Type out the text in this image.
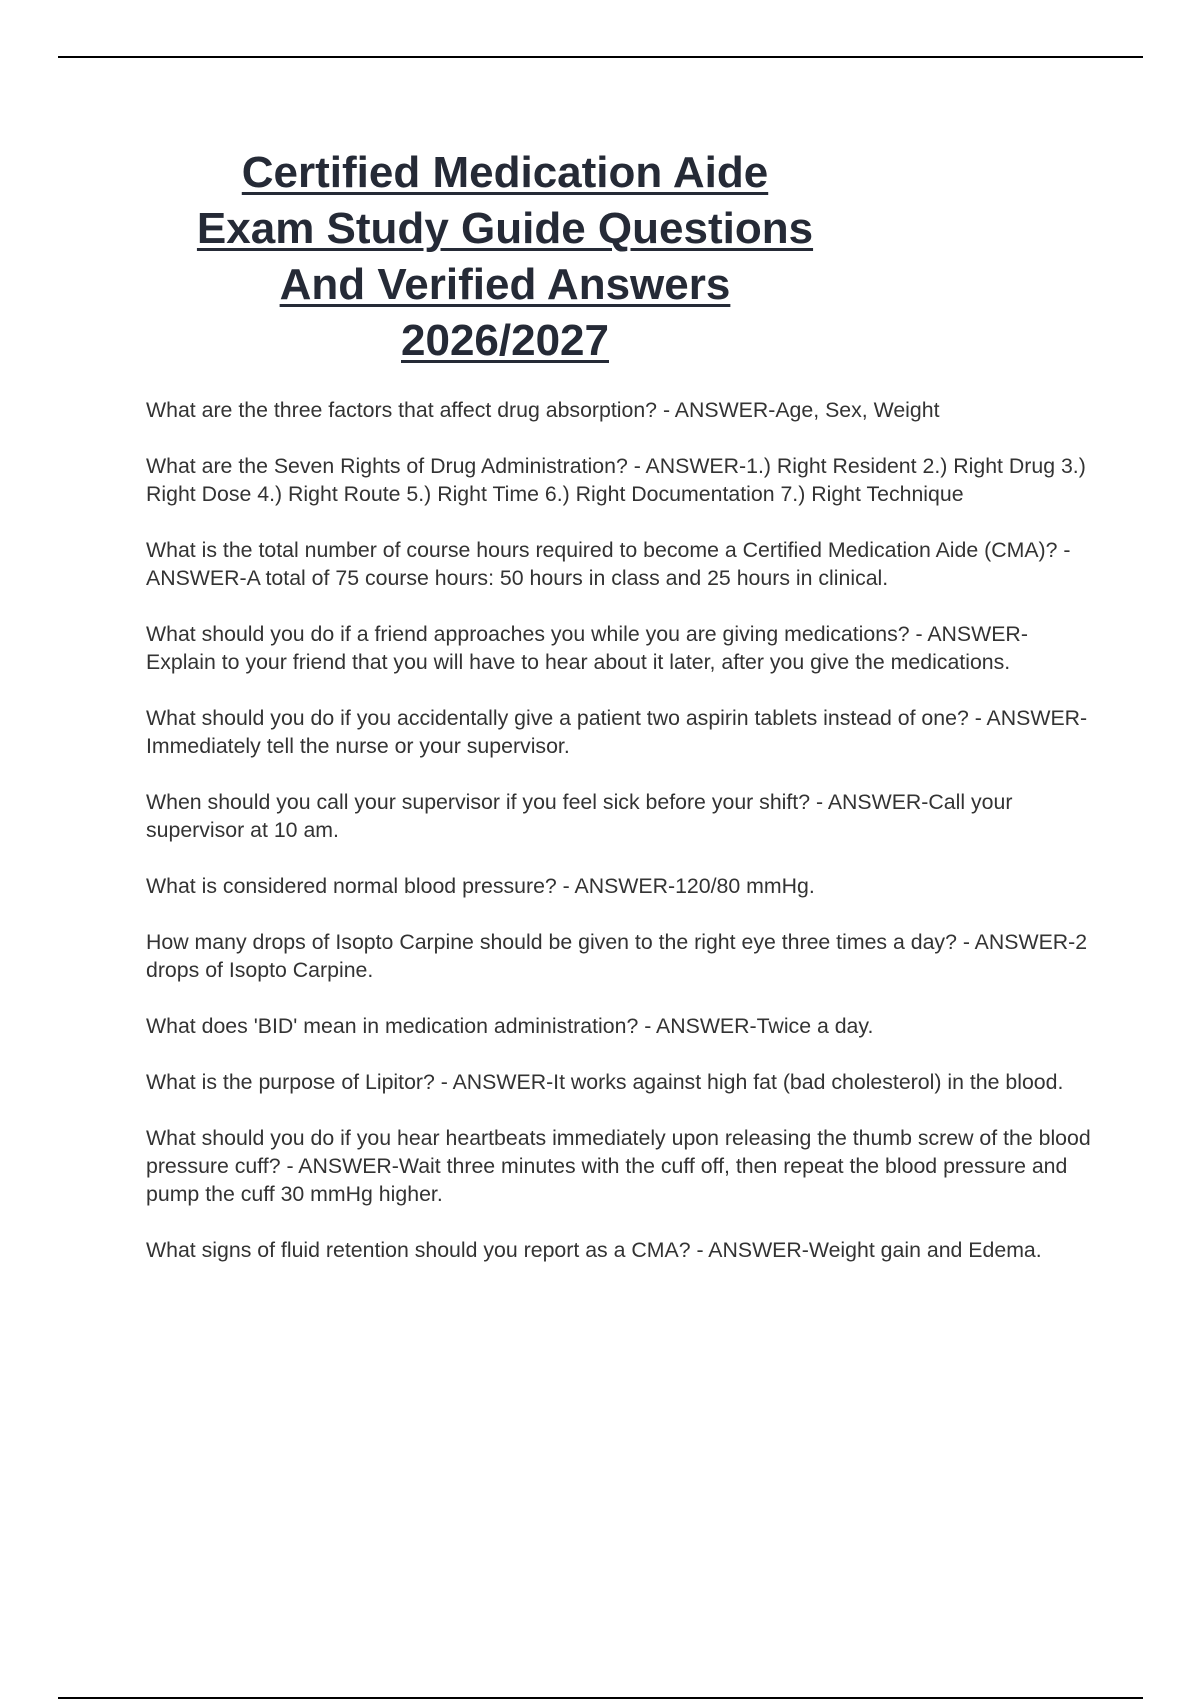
Certified Medication Aide
Exam Study Guide Questions
And Verified Answers
2026/2027
What are the three factors that affect drug absorption? - ANSWER-Age, Sex, Weight
What are the Seven Rights of Drug Administration? - ANSWER-1.) Right Resident 2.) Right Drug 3.) Right Dose 4.) Right Route 5.) Right Time 6.) Right Documentation 7.) Right Technique
What is the total number of course hours required to become a Certified Medication Aide (CMA)? - ANSWER-A total of 75 course hours: 50 hours in class and 25 hours in clinical.
What should you do if a friend approaches you while you are giving medications? - ANSWER-Explain to your friend that you will have to hear about it later, after you give the medications.
What should you do if you accidentally give a patient two aspirin tablets instead of one? - ANSWER-Immediately tell the nurse or your supervisor.
When should you call your supervisor if you feel sick before your shift? - ANSWER-Call your supervisor at 10 am.
What is considered normal blood pressure? - ANSWER-120/80 mmHg.
How many drops of Isopto Carpine should be given to the right eye three times a day? - ANSWER-2 drops of Isopto Carpine.
What does 'BID' mean in medication administration? - ANSWER-Twice a day.
What is the purpose of Lipitor? - ANSWER-It works against high fat (bad cholesterol) in the blood.
What should you do if you hear heartbeats immediately upon releasing the thumb screw of the blood pressure cuff? - ANSWER-Wait three minutes with the cuff off, then repeat the blood pressure and pump the cuff 30 mmHg higher.
What signs of fluid retention should you report as a CMA? - ANSWER-Weight gain and Edema.
